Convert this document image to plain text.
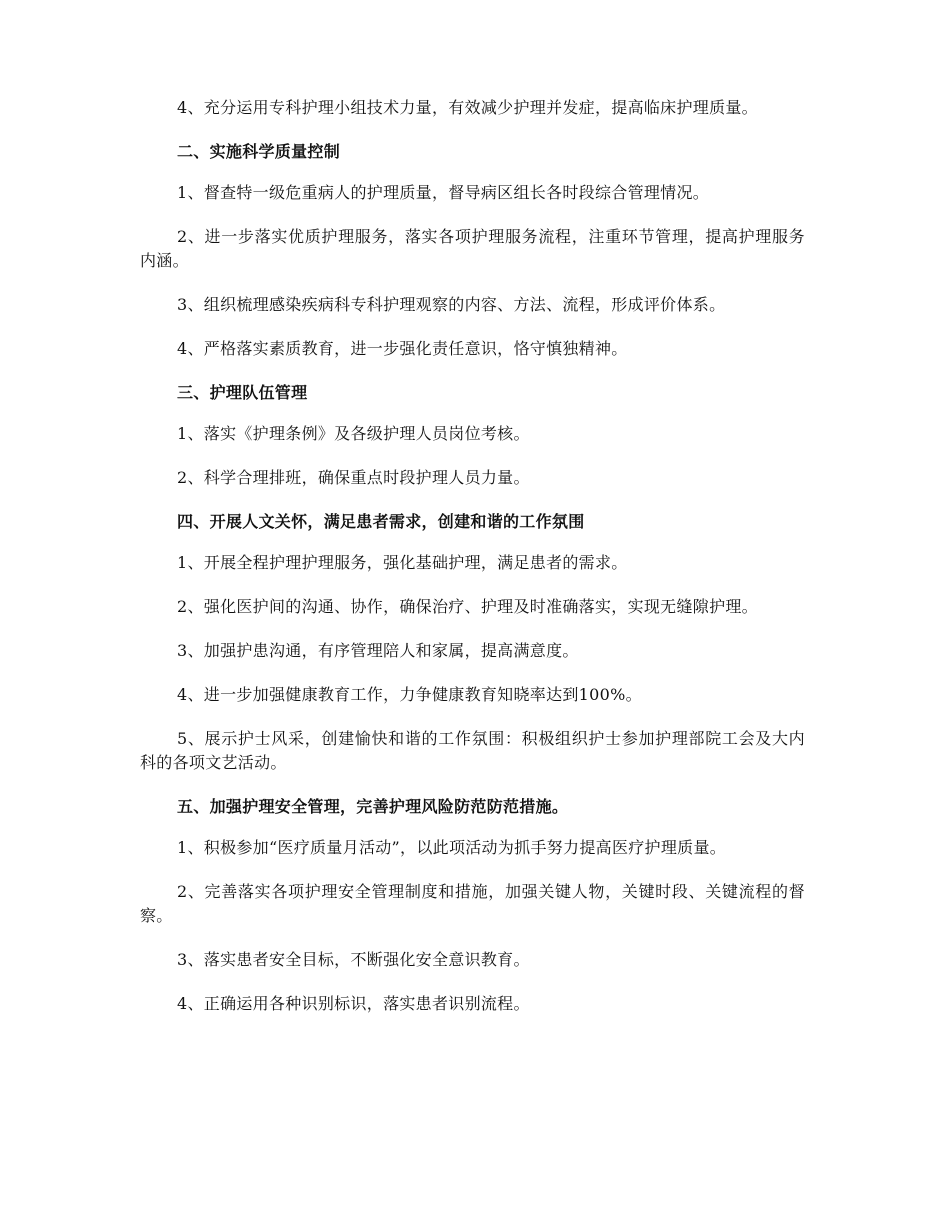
4、充分运用专科护理小组技术力量，有效减少护理并发症，提高临床护理质量。

二、实施科学质量控制

1、督查特一级危重病人的护理质量，督导病区组长各时段综合管理情况。

2、进一步落实优质护理服务，落实各项护理服务流程，注重环节管理，提高护理服务内涵。

3、组织梳理感染疾病科专科护理观察的内容、方法、流程，形成评价体系。

4、严格落实素质教育，进一步强化责任意识，恪守慎独精神。

三、护理队伍管理

1、落实《护理条例》及各级护理人员岗位考核。

2、科学合理排班，确保重点时段护理人员力量。

四、开展人文关怀，满足患者需求，创建和谐的工作氛围

1、开展全程护理护理服务，强化基础护理，满足患者的需求。

2、强化医护间的沟通、协作，确保治疗、护理及时准确落实，实现无缝隙护理。

3、加强护患沟通，有序管理陪人和家属，提高满意度。

4、进一步加强健康教育工作，力争健康教育知晓率达到100%。

5、展示护士风采，创建愉快和谐的工作氛围：积极组织护士参加护理部院工会及大内科的各项文艺活动。

五、加强护理安全管理，完善护理风险防范防范措施。

1、积极参加“医疗质量月活动”，以此项活动为抓手努力提高医疗护理质量。

2、完善落实各项护理安全管理制度和措施，加强关键人物，关键时段、关键流程的督察。

3、落实患者安全目标，不断强化安全意识教育。

4、正确运用各种识别标识，落实患者识别流程。
